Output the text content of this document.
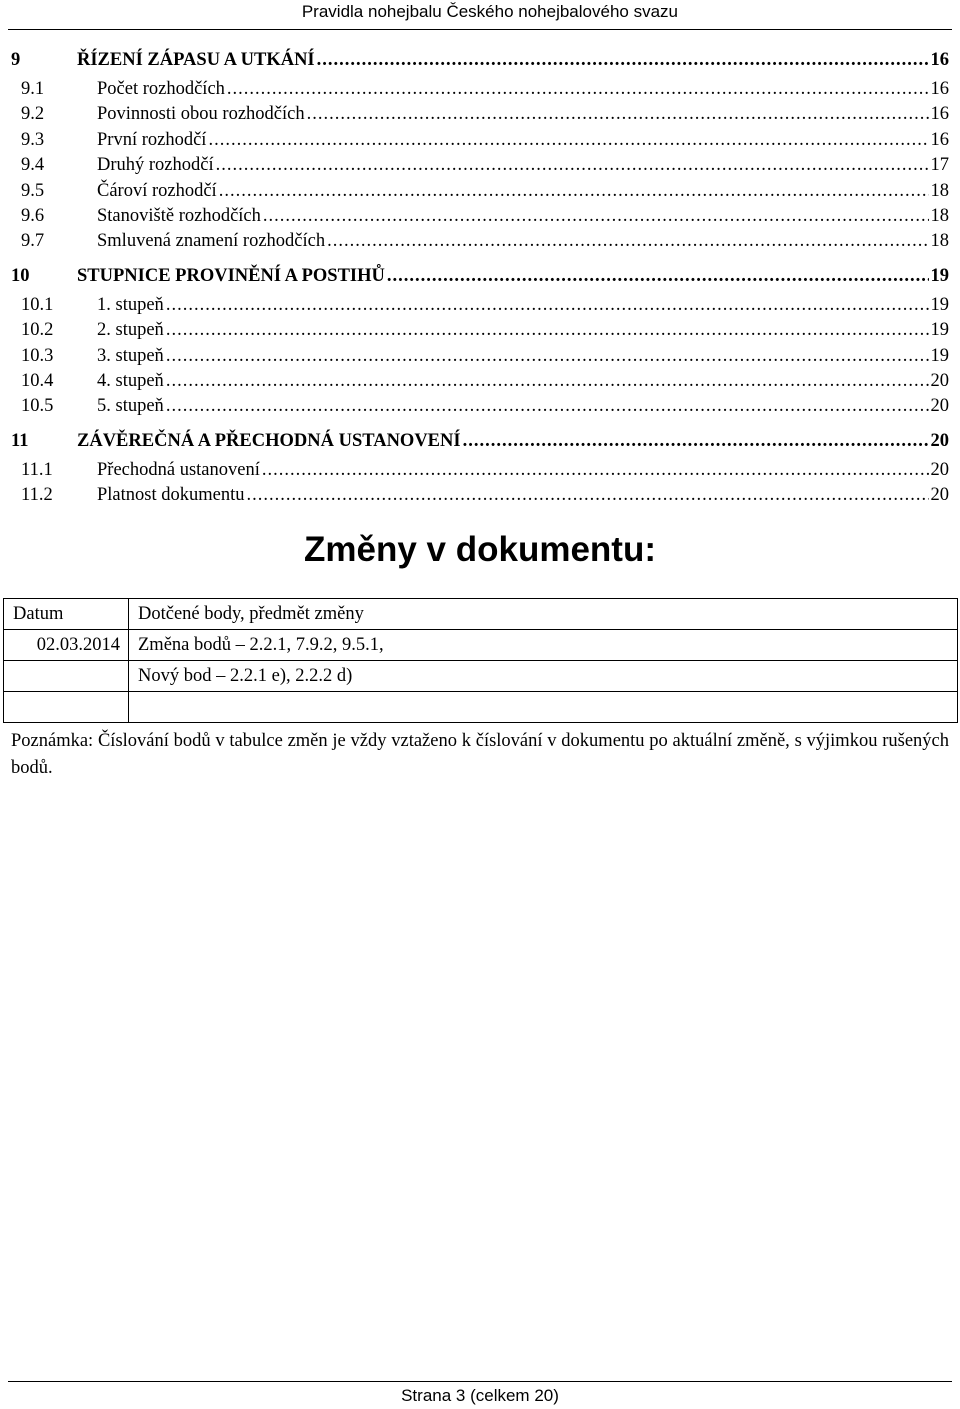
Pravidla nohejbalu Českého nohejbalového svazu
9	ŘÍZENÍ ZÁPASU A UTKÁNÍ .....	16
9.1	Počet rozhodčích .....	16
9.2	Povinnosti obou rozhodčích .....	16
9.3	První rozhodčí .....	16
9.4	Druhý rozhodčí .....	17
9.5	Čároví rozhodčí .....	18
9.6	Stanoviště rozhodčích .....	18
9.7	Smluvená znamení rozhodčích .....	18
10	STUPNICE PROVINĚNÍ A POSTIHŮ .....	19
10.1	1. stupeň .....	19
10.2	2. stupeň .....	19
10.3	3. stupeň .....	19
10.4	4. stupeň .....	20
10.5	5. stupeň .....	20
11	ZÁVĚREČNÁ A PŘECHODNÁ USTANOVENÍ .....	20
11.1	Přechodná ustanovení .....	20
11.2	Platnost dokumentu .....	20
Změny v dokumentu:
Datum	Dotčené body, předmět změny
02.03.2014	Změna bodů – 2.2.1, 7.9.2, 9.5.1,
	Nový bod – 2.2.1 e), 2.2.2 d)

Poznámka: Číslování bodů v tabulce změn je vždy vztaženo k číslování v dokumentu po aktuální změně, s výjimkou rušených bodů.
Strana 3 (celkem 20)
